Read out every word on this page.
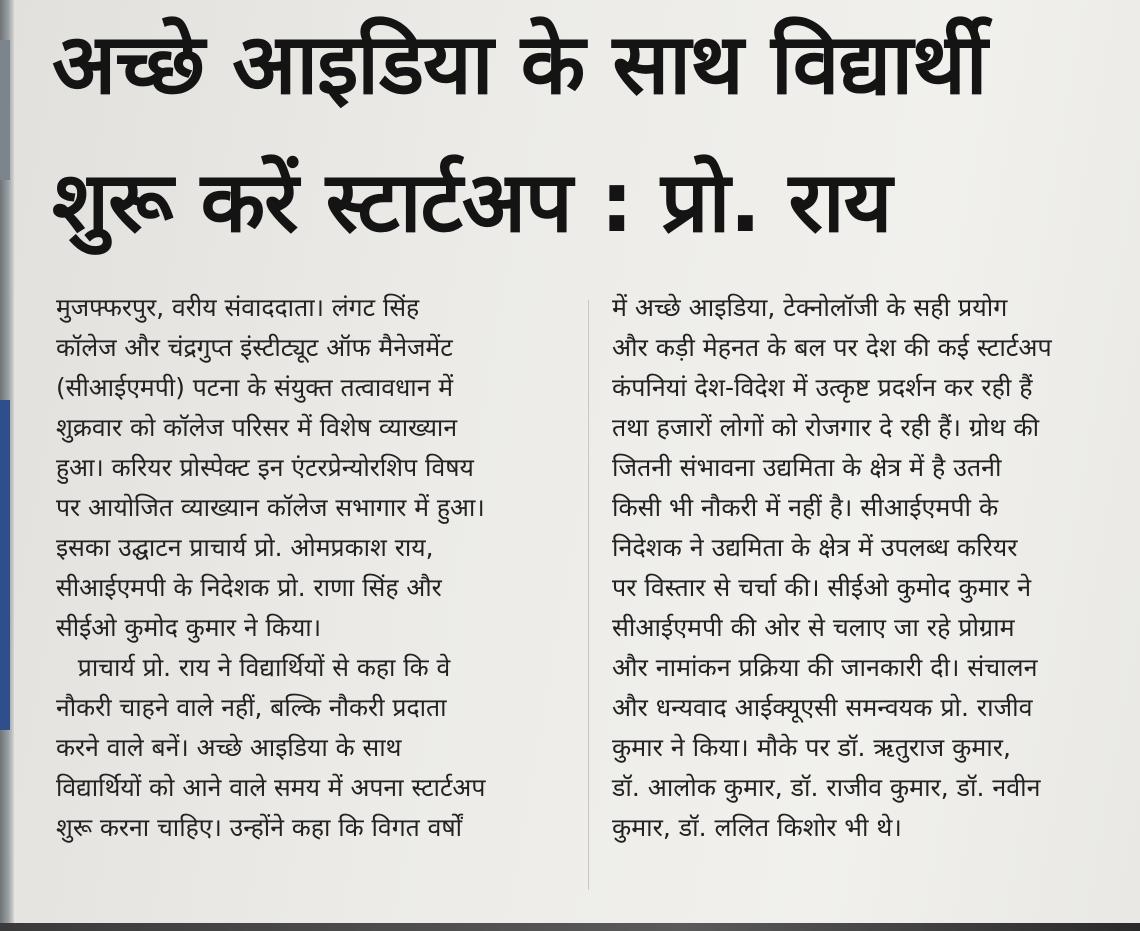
अच्छे आइडिया के साथ विद्यार्थी
शुरू करें स्टार्टअप : प्रो. राय
मुजफ्फरपुर, वरीय संवाददाता। लंगट सिंह
कॉलेज और चंद्रगुप्त इंस्टीट्यूट ऑफ मैनेजमेंट
(सीआईएमपी) पटना के संयुक्त तत्वावधान में
शुक्रवार को कॉलेज परिसर में विशेष व्याख्यान
हुआ। करियर प्रोस्पेक्ट इन एंटरप्रेन्योरशिप विषय
पर आयोजित व्याख्यान कॉलेज सभागार में हुआ।
इसका उद्घाटन प्राचार्य प्रो. ओमप्रकाश राय,
सीआईएमपी के निदेशक प्रो. राणा सिंह और
सीईओ कुमोद कुमार ने किया।
प्राचार्य प्रो. राय ने विद्यार्थियों से कहा कि वे
नौकरी चाहने वाले नहीं, बल्कि नौकरी प्रदाता
करने वाले बनें। अच्छे आइडिया के साथ
विद्यार्थियों को आने वाले समय में अपना स्टार्टअप
शुरू करना चाहिए। उन्होंने कहा कि विगत वर्षों
में अच्छे आइडिया, टेक्नोलॉजी के सही प्रयोग
और कड़ी मेहनत के बल पर देश की कई स्टार्टअप
कंपनियां देश-विदेश में उत्कृष्ट प्रदर्शन कर रही हैं
तथा हजारों लोगों को रोजगार दे रही हैं। ग्रोथ की
जितनी संभावना उद्यमिता के क्षेत्र में है उतनी
किसी भी नौकरी में नहीं है। सीआईएमपी के
निदेशक ने उद्यमिता के क्षेत्र में उपलब्ध करियर
पर विस्तार से चर्चा की। सीईओ कुमोद कुमार ने
सीआईएमपी की ओर से चलाए जा रहे प्रोग्राम
और नामांकन प्रक्रिया की जानकारी दी। संचालन
और धन्यवाद आईक्यूएसी समन्वयक प्रो. राजीव
कुमार ने किया। मौके पर डॉ. ऋतुराज कुमार,
डॉ. आलोक कुमार, डॉ. राजीव कुमार, डॉ. नवीन
कुमार, डॉ. ललित किशोर भी थे।
